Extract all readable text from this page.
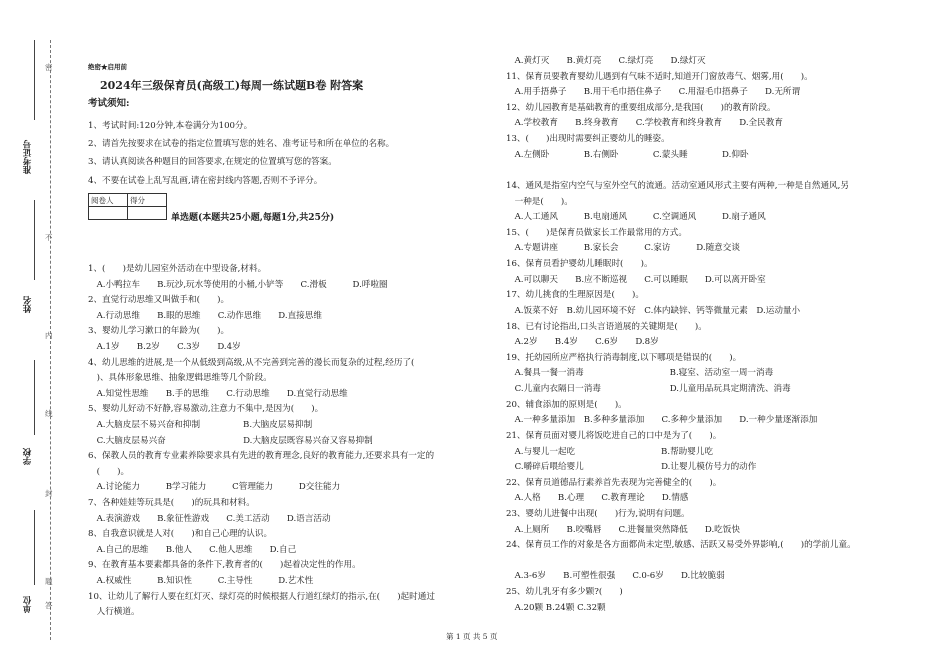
准考证号
姓名
学校
单位
密
不
内
线
封
题
答
绝密★启用前
2024年三级保育员(高级工)每周一练试题B卷 附答案
考试须知:
1、考试时间:120分钟,本卷满分为100分。
2、请首先按要求在试卷的指定位置填写您的姓名、准考证号和所在单位的名称。
3、请认真阅读各种题目的回答要求,在规定的位置填写您的答案。
4、不要在试卷上乱写乱画,请在密封线内答题,否则不予评分。
阅卷人	得分

单选题(本题共25小题,每题1分,共25分)
1、(　　)是幼儿园室外活动在中型设备,材料。
　A.小鸭拉车　　B.玩沙,玩水等使用的小桶,小铲等　　C.滑板　　　D.呼啦圈
2、直觉行动思维又叫做手和(　　)。
　A.行动思维　　B.眼的思维　　C.动作思维　　D.直接思维
3、婴幼儿学习漱口的年龄为(　　)。
　A.1岁　　B.2岁　　C.3岁　　D.4岁
4、幼儿思维的进展,是一个从低级到高级,从不完善到完善的漫长而复杂的过程,经历了(
　)、具体形象思维、抽象逻辑思维等几个阶段。
　A.知觉性思维　　B.手的思维　　C.行动思维　　D.直觉行动思维
5、婴幼儿好动不好静,容易激动,注意力不集中,是因为(　　)。
　A.大脑皮层不易兴奋和抑制　　　　　B.大脑皮层易抑制
　C.大脑皮层易兴奋　　　　　　　　　D.大脑皮层既容易兴奋又容易抑制
6、保教人员的教育专业素养除要求具有先进的教育理念,良好的教育能力,还要求具有一定的
　(　　)。
　A.讨论能力　　　B学习能力　　　C管理能力　　　D交往能力
7、各种娃娃等玩具是(　　)的玩具和材料。
　A.表演游戏　　B.象征性游戏　　C.美工活动　　D.语言活动
8、自我意识就是人对(　　)和自己心理的认识。
　A.自己的思维　　B.他人　　C.他人思维　　D.自己
9、在教育基本要素都具备的条件下,教育者的(　　)起着决定性的作用。
　A.权威性　　　B.知识性　　　C.主导性　　　D.艺术性
10、让幼儿了解行人要在红灯灭、绿灯亮的时候根据人行道红绿灯的指示,在(　　)起时通过
　人行横道。
　A.黄灯灭　　B.黄灯亮　　C.绿灯亮　　D.绿灯灭
11、保育员要教育婴幼儿遇到有气味不适时,知道开门窗放毒气、烟雾,用(　　)。
　A.用手捂鼻子　　B.用干毛巾捂住鼻子　　C.用湿毛巾捂鼻子　　D.无所谓
12、幼儿园教育是基础教育的重要组成部分,是我国(　　)的教育阶段。
　A.学校教育　　B.终身教育　　C.学校教育和终身教育　　D.全民教育
13、(　　)出现时需要纠正婴幼儿的睡姿。
　A.左侧卧　　　　B.右侧卧　　　　C.蒙头睡　　　　D.仰卧
14、通风是指室内空气与室外空气的流通。活动室通风形式主要有两种,一种是自然通风,另
　一种是(　　)。
　A.人工通风　　　B.电扇通风　　　C.空调通风　　　D.扇子通风
15、(　　)是保育员做家长工作最常用的方式。
　A.专题讲座　　　B.家长会　　　C.家访　　　D.随意交谈
16、保育员看护婴幼儿睡眠时(　　)。
　A.可以聊天　　B.应不断巡视　　C.可以睡眠　　D.可以离开卧室
17、幼儿挑食的生理原因是(　　)。
　A.饭菜不好　B.幼儿园环境不好　C.体内缺锌、钙等微量元素　D.运动量小
18、已有讨论指出,口头言语道展的关键期是(　　)。
　A.2岁　　B.4岁　　C.6岁　　D.8岁
19、托幼园所应严格执行消毒制度,以下哪项是错误的(　　)。
　A.餐具一餐一消毒　　　　　　　　　　B.寝室、活动室一周一消毒
　C.儿童内衣隔日一消毒　　　　　　　　D.儿童用品玩具定期清洗、消毒
20、辅食添加的原则是(　　)。
　A.一种多量添加　B.多种多量添加　　C.多种少量添加　　D.一种少量逐渐添加
21、保育员面对婴儿将饭吃进自己的口中是为了(　　)。
　A.与婴儿一起吃　　　　　　　　　　B.帮助婴儿吃
　C.嚼碎后喂给婴儿　　　　　　　　　D.让婴儿模仿号力的动作
22、保育员道德品行素养首先表现为完善健全的(　　)。
　A.人格　　B.心理　　C.教育理论　　D.情感
23、婴幼儿进餐中出现(　　)行为,说明有问题。
　A.上厕所　　B.咬嘴唇　　C.进餐量突然降低　　D.吃饭快
24、保育员工作的对象是各方面都尚未定型,敏感、活跃又易受外界影响,(　　)的学前儿童。
　A.3-6岁　　B.可塑性很强　　C.0-6岁　　D.比较脆弱
25、幼儿乳牙有多少颗?(　　)
　A.20颗 B.24颗 C.32颗
第 1 页 共 5 页
